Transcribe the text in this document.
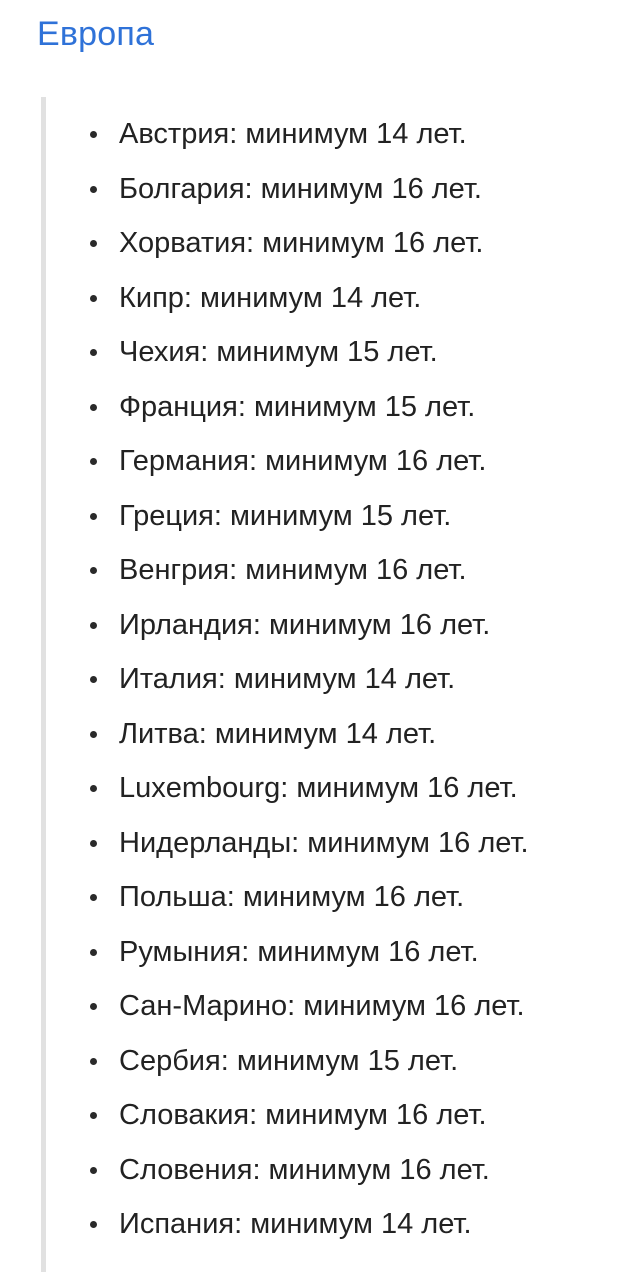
Европа
Австрия: минимум 14 лет.
Болгария: минимум 16 лет.
Хорватия: минимум 16 лет.
Кипр: минимум 14 лет.
Чехия: минимум 15 лет.
Франция: минимум 15 лет.
Германия: минимум 16 лет.
Греция: минимум 15 лет.
Венгрия: минимум 16 лет.
Ирландия: минимум 16 лет.
Италия: минимум 14 лет.
Литва: минимум 14 лет.
Luxembourg: минимум 16 лет.
Нидерланды: минимум 16 лет.
Польша: минимум 16 лет.
Румыния: минимум 16 лет.
Сан-Марино: минимум 16 лет.
Сербия: минимум 15 лет.
Словакия: минимум 16 лет.
Словения: минимум 16 лет.
Испания: минимум 14 лет.
